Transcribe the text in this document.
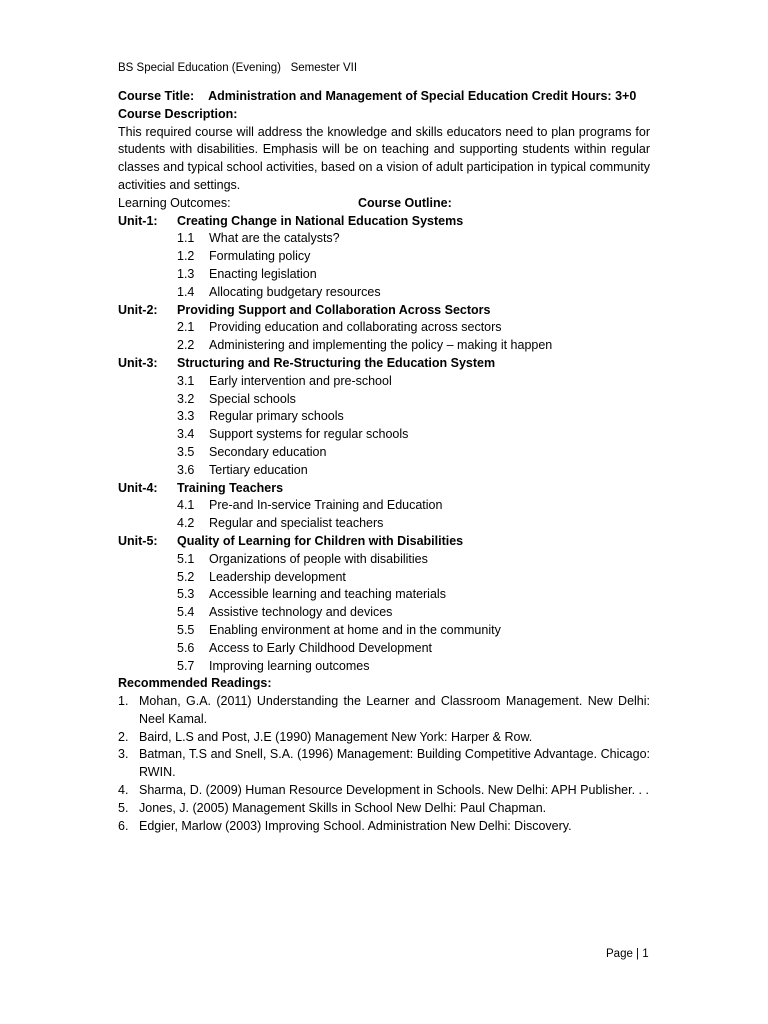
BS Special Education (Evening)   Semester VII
Course Title: Administration and Management of Special Education Credit Hours: 3+0
Course Description:
This required course will address the knowledge and skills educators need to plan programs for students with disabilities. Emphasis will be on teaching and supporting students within regular classes and typical school activities, based on a vision of adult participation in typical community activities and settings.
Learning Outcomes:	Course Outline:
Unit-1:	Creating Change in National Education Systems
1.1	What are the catalysts?
1.2	Formulating policy
1.3	Enacting legislation
1.4	Allocating budgetary resources
Unit-2:	Providing Support and Collaboration Across Sectors
2.1	Providing education and collaborating across sectors
2.2	Administering and implementing the policy – making it happen
Unit-3:	Structuring and Re-Structuring the Education System
3.1	Early intervention and pre-school
3.2	Special schools
3.3	Regular primary schools
3.4	Support systems for regular schools
3.5	Secondary education
3.6	Tertiary education
Unit-4:	Training Teachers
4.1	Pre-and In-service Training and Education
4.2	Regular and specialist teachers
Unit-5:	Quality of Learning for Children with Disabilities
5.1	Organizations of people with disabilities
5.2	Leadership development
5.3	Accessible learning and teaching materials
5.4	Assistive technology and devices
5.5	Enabling environment at home and in the community
5.6	Access to Early Childhood Development
5.7	Improving learning outcomes
Recommended Readings:
1. Mohan, G.A. (2011) Understanding the Learner and Classroom Management. New Delhi: Neel Kamal.
2. Baird, L.S and Post, J.E (1990) Management New York: Harper & Row.
3. Batman, T.S and Snell, S.A. (1996) Management: Building Competitive Advantage. Chicago: RWIN.
4. Sharma, D. (2009) Human Resource Development in Schools. New Delhi: APH Publisher. . .
5. Jones, J. (2005) Management Skills in School New Delhi: Paul Chapman.
6. Edgier, Marlow (2003) Improving School. Administration New Delhi: Discovery.
Page | 1
